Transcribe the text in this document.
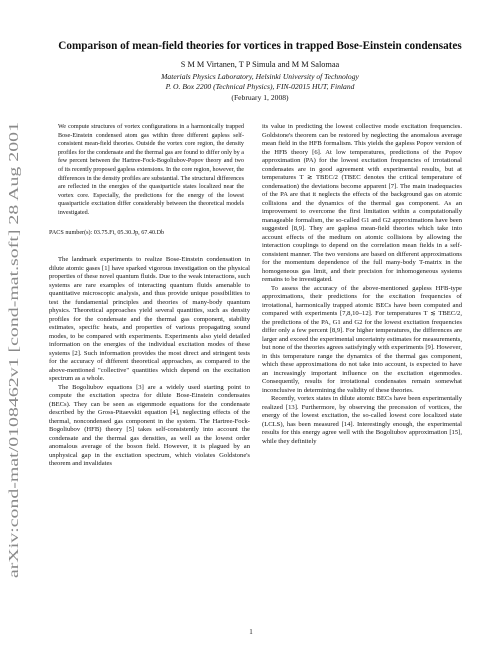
arXiv:cond-mat/0108462v1 [cond-mat.soft] 28 Aug 2001
Comparison of mean-field theories for vortices in trapped Bose-Einstein condensates
S M M Virtanen, T P Simula and M M Salomaa
Materials Physics Laboratory, Helsinki University of Technology
P. O. Box 2200 (Technical Physics), FIN-02015 HUT, Finland
(February 1, 2008)
We compute structures of vortex configurations in a harmonically trapped Bose-Einstein condensed atom gas within three different gapless self-consistent mean-field theories. Outside the vortex core region, the density profiles for the condensate and the thermal gas are found to differ only by a few percent between the Hartree-Fock-Bogoliubov-Popov theory and two of its recently proposed gapless extensions. In the core region, however, the differences in the density profiles are substantial. The structural differences are reflected in the energies of the quasiparticle states localized near the vortex core. Especially, the predictions for the energy of the lowest quasiparticle excitation differ considerably between the theoretical models investigated.
PACS number(s): 03.75.Fi, 05.30.Jp, 67.40.Db

The landmark experiments to realize Bose-Einstein condensation in dilute atomic gases [1] have sparked vigorous investigation on the physical properties of these novel quantum fluids. Due to the weak interactions, such systems are rare examples of interacting quantum fluids amenable to quantitative microscopic analysis, and thus provide unique possibilities to test the fundamental principles and theories of many-body quantum physics. Theoretical approaches yield several quantities, such as density profiles for the condensate and the thermal gas component, stability estimates, specific heats, and properties of various propagating sound modes, to be compared with experiments. Experiments also yield detailed information on the energies of the individual excitation modes of these systems [2]. Such information provides the most direct and stringent tests for the accuracy of different theoretical approaches, as compared to the above-mentioned "collective" quantities which depend on the excitation spectrum as a whole.

The Bogoliubov equations [3] are a widely used starting point to compute the excitation spectra for dilute Bose-Einstein condensates (BECs). They can be seen as eigenmode equations for the condensate described by the Gross-Pitaevskii equation [4], neglecting effects of the thermal, noncondensed gas component in the system. The Hartree-Fock-Bogoliubov (HFB) theory [5] takes self-consistently into account the condensate and the thermal gas densities, as well as the lowest order anomalous average of the boson field. However, it is plagued by an unphysical gap in the excitation spectrum, which violates Goldstone's theorem and invalidates

its value in predicting the lowest collective mode excitation frequencies. Goldstone's theorem can be restored by neglecting the anomalous average mean field in the HFB formalism. This yields the gapless Popov version of the HFB theory [6]. At low temperatures, predictions of the Popov approximation (PA) for the lowest excitation frequencies of irrotational condensates are in good agreement with experimental results, but at temperatures T ≳ TBEC/2 (TBEC denotes the critical temperature of condensation) the deviations become apparent [7]. The main inadequacies of the PA are that it neglects the effects of the background gas on atomic collisions and the dynamics of the thermal gas component. As an improvement to overcome the first limitation within a computationally manageable formalism, the so-called G1 and G2 approximations have been suggested [8,9]. They are gapless mean-field theories which take into account effects of the medium on atomic collisions by allowing the interaction couplings to depend on the correlation mean fields in a self-consistent manner. The two versions are based on different approximations for the momentum dependence of the full many-body T-matrix in the homogeneous gas limit, and their precision for inhomogeneous systems remains to be investigated.

To assess the accuracy of the above-mentioned gapless HFB-type approximations, their predictions for the excitation frequencies of irrotational, harmonically trapped atomic BECs have been computed and compared with experiments [7,8,10–12]. For temperatures T ≲ TBEC/2, the predictions of the PA, G1 and G2 for the lowest excitation frequencies differ only a few percent [8,9]. For higher temperatures, the differences are larger and exceed the experimental uncertainty estimates for measurements, but none of the theories agrees satisfyingly with experiments [9]. However, in this temperature range the dynamics of the thermal gas component, which these approximations do not take into account, is expected to have an increasingly important influence on the excitation eigenmodes. Consequently, results for irrotational condensates remain somewhat inconclusive in determining the validity of these theories.

Recently, vortex states in dilute atomic BECs have been experimentally realized [13]. Furthermore, by observing the precession of vortices, the energy of the lowest excitation, the so-called lowest core localized state (LCLS), has been measured [14]. Interestingly enough, the experimental results for this energy agree well with the Bogoliubov approximation [15], while they definitely

1
